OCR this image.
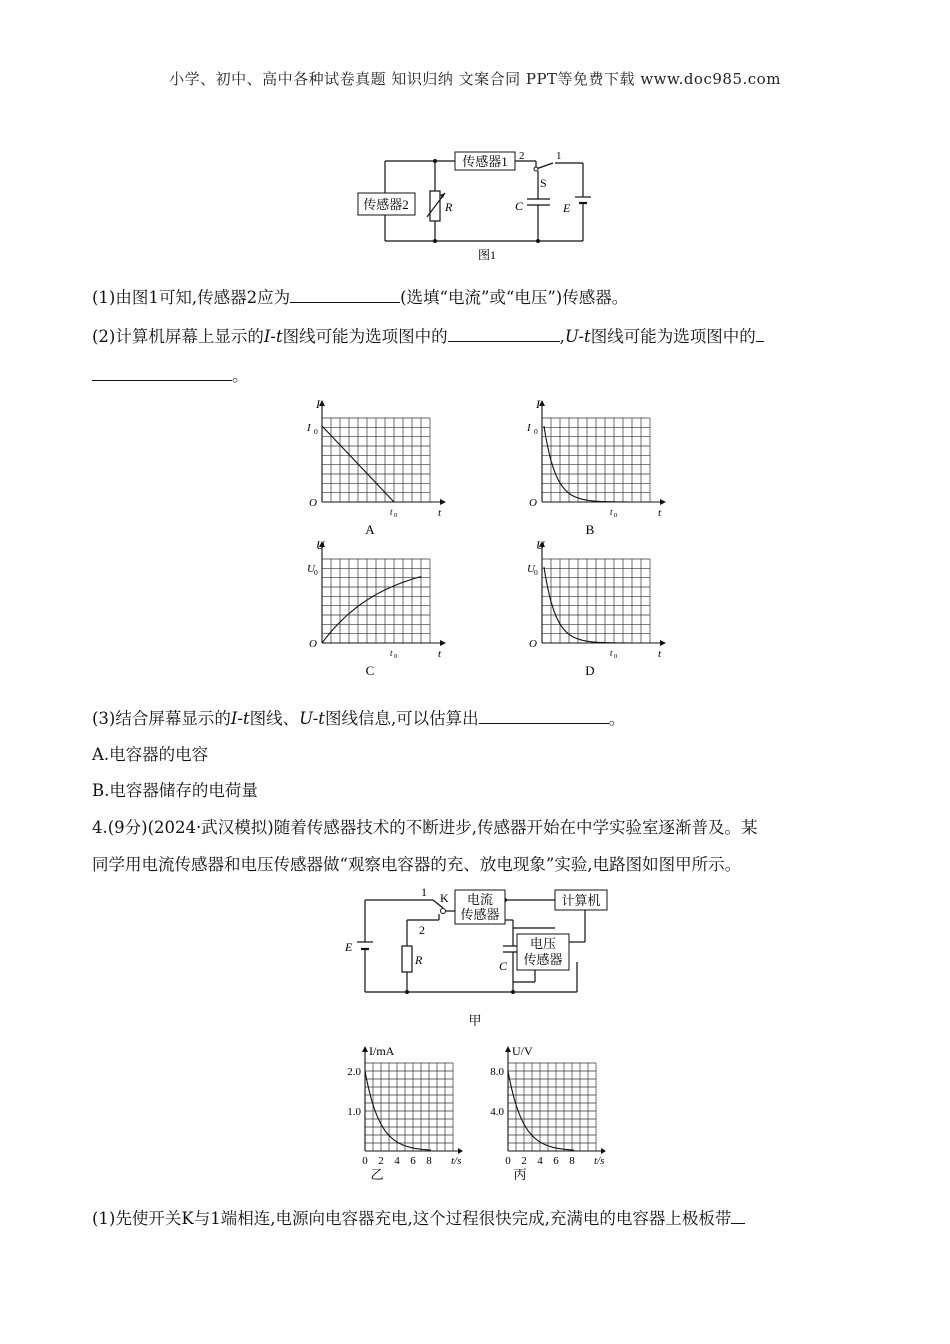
小学、初中、高中各种试卷真题 知识归纳 文案合同 PPT等免费下载 www.doc985.com
传感器1
传感器2	R
S
1
2
C	E
图1
(1)由图1可知,传感器2应为	(选填“电流”或“电压”)传感器。
(2)计算机屏幕上显示的I-t图线可能为选项图中的	,U-t图线可能为选项图中的
。
I
I 0
O
t 0	t
A
I
I 0
O
t 0	t
B
U
U 0
O
t 0	t
C
U
U 0
O
t 0	t
D
(3)结合屏幕显示的I-t图线、U-t图线信息,可以估算出	。
A.电容器的电容
B.电容器储存的电荷量
4.(9分)(2024·武汉模拟)随着传感器技术的不断进步,传感器开始在中学实验室逐渐普及。某
同学用电流传感器和电压传感器做“观察电容器的充、放电现象”实验,电路图如图甲所示。
1
2
K 电流
传感器
计算机
电压
传感器
E
R	C
甲
I/mA
2.0
1.0
0 2 4 6 8 t/s
乙
U/V
8.0
4.0
0 2 4 6 8 t/s
丙
(1)先使开关K与1端相连,电源向电容器充电,这个过程很快完成,充满电的电容器上极板带
